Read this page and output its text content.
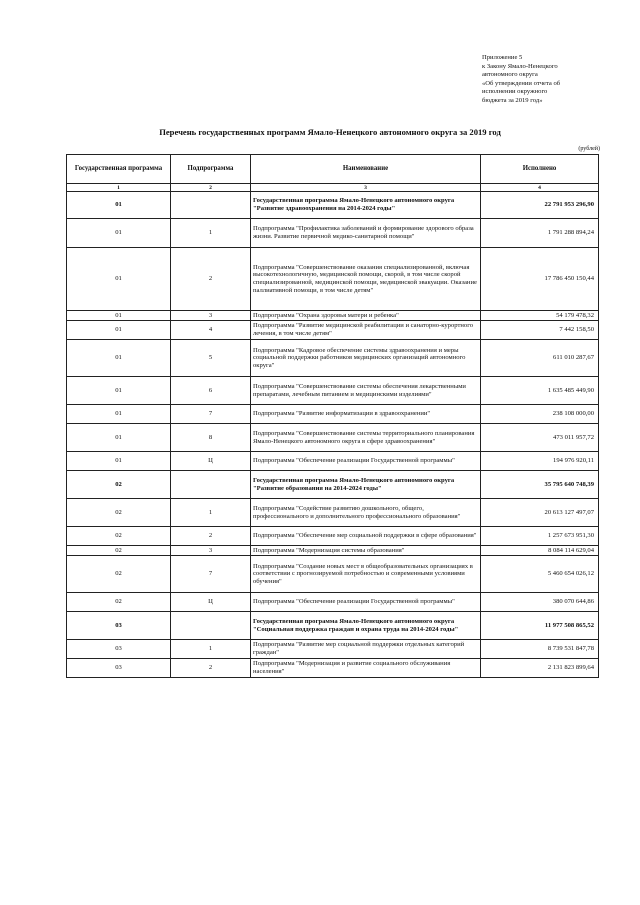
Приложение 5
к Закону Ямало-Ненецкого
автономного округа
«Об утверждении отчета об
исполнении окружного
бюджета за 2019 год»
Перечень государственных программ Ямало-Ненецкого автономного округа за 2019 год
(рублей)
Государственная программа	Подпрограмма	Наименование	Исполнено
1	2	3	4
01		Государственная программа Ямало-Ненецкого автономного округа "Развитие здравоохранения на 2014-2024 годы"	22 791 953 296,90
01	1	Подпрограмма "Профилактика заболеваний и формирование здорового образа жизни. Развитие первичной медико-санитарной помощи"	1 791 288 894,24
01	2	Подпрограмма "Совершенствование оказания специализированной, включая высокотехнологичную, медицинской помощи, скорой, в том числе скорой специализированной, медицинской помощи, медицинской эвакуации. Оказание паллиативной помощи, в том числе детям"	17 786 450 150,44
01	3	Подпрограмма "Охрана здоровья матери и ребенка"	54 179 478,32
01	4	Подпрограмма "Развитие медицинской реабилитации и санаторно-курортного лечения, в том числе детям"	7 442 158,50
01	5	Подпрограмма "Кадровое обеспечение системы здравоохранения и меры социальной поддержки работников медицинских организаций автономного округа"	611 010 287,67
01	6	Подпрограмма "Совершенствование системы обеспечения лекарственными препаратами, лечебным питанием и медицинскими изделиями"	1 635 485 449,90
01	7	Подпрограмма "Развитие информатизации в здравоохранении"	238 108 000,00
01	8	Подпрограмма "Совершенствование системы территориального планирования Ямало-Ненецкого автономного округа в сфере здравоохранения"	473 011 957,72
01	Ц	Подпрограмма "Обеспечение реализации Государственной программы"	194 976 920,11
02		Государственная программа Ямало-Ненецкого автономного округа "Развитие образования на 2014-2024 годы"	35 795 640 748,39
02	1	Подпрограмма "Содействие развитию дошкольного, общего, профессионального и дополнительного профессионального образования"	20 613 127 497,07
02	2	Подпрограмма "Обеспечение мер социальной поддержки в сфере образования"	1 257 673 951,30
02	3	Подпрограмма "Модернизация системы образования"	8 084 114 629,04
02	7	Подпрограмма "Создание новых мест в общеобразовательных организациях в соответствии с прогнозируемой потребностью и современными условиями обучения"	5 460 654 026,12
02	Ц	Подпрограмма "Обеспечение реализации Государственной программы"	380 070 644,86
03		Государственная программа Ямало-Ненецкого автономного округа "Социальная поддержка граждан и охрана труда на 2014-2024 годы"	11 977 508 865,52
03	1	Подпрограмма "Развитие мер социальной поддержки отдельных категорий граждан"	8 739 531 847,78
03	2	Подпрограмма "Модернизация и развитие социального обслуживания населения"	2 131 823 899,64
